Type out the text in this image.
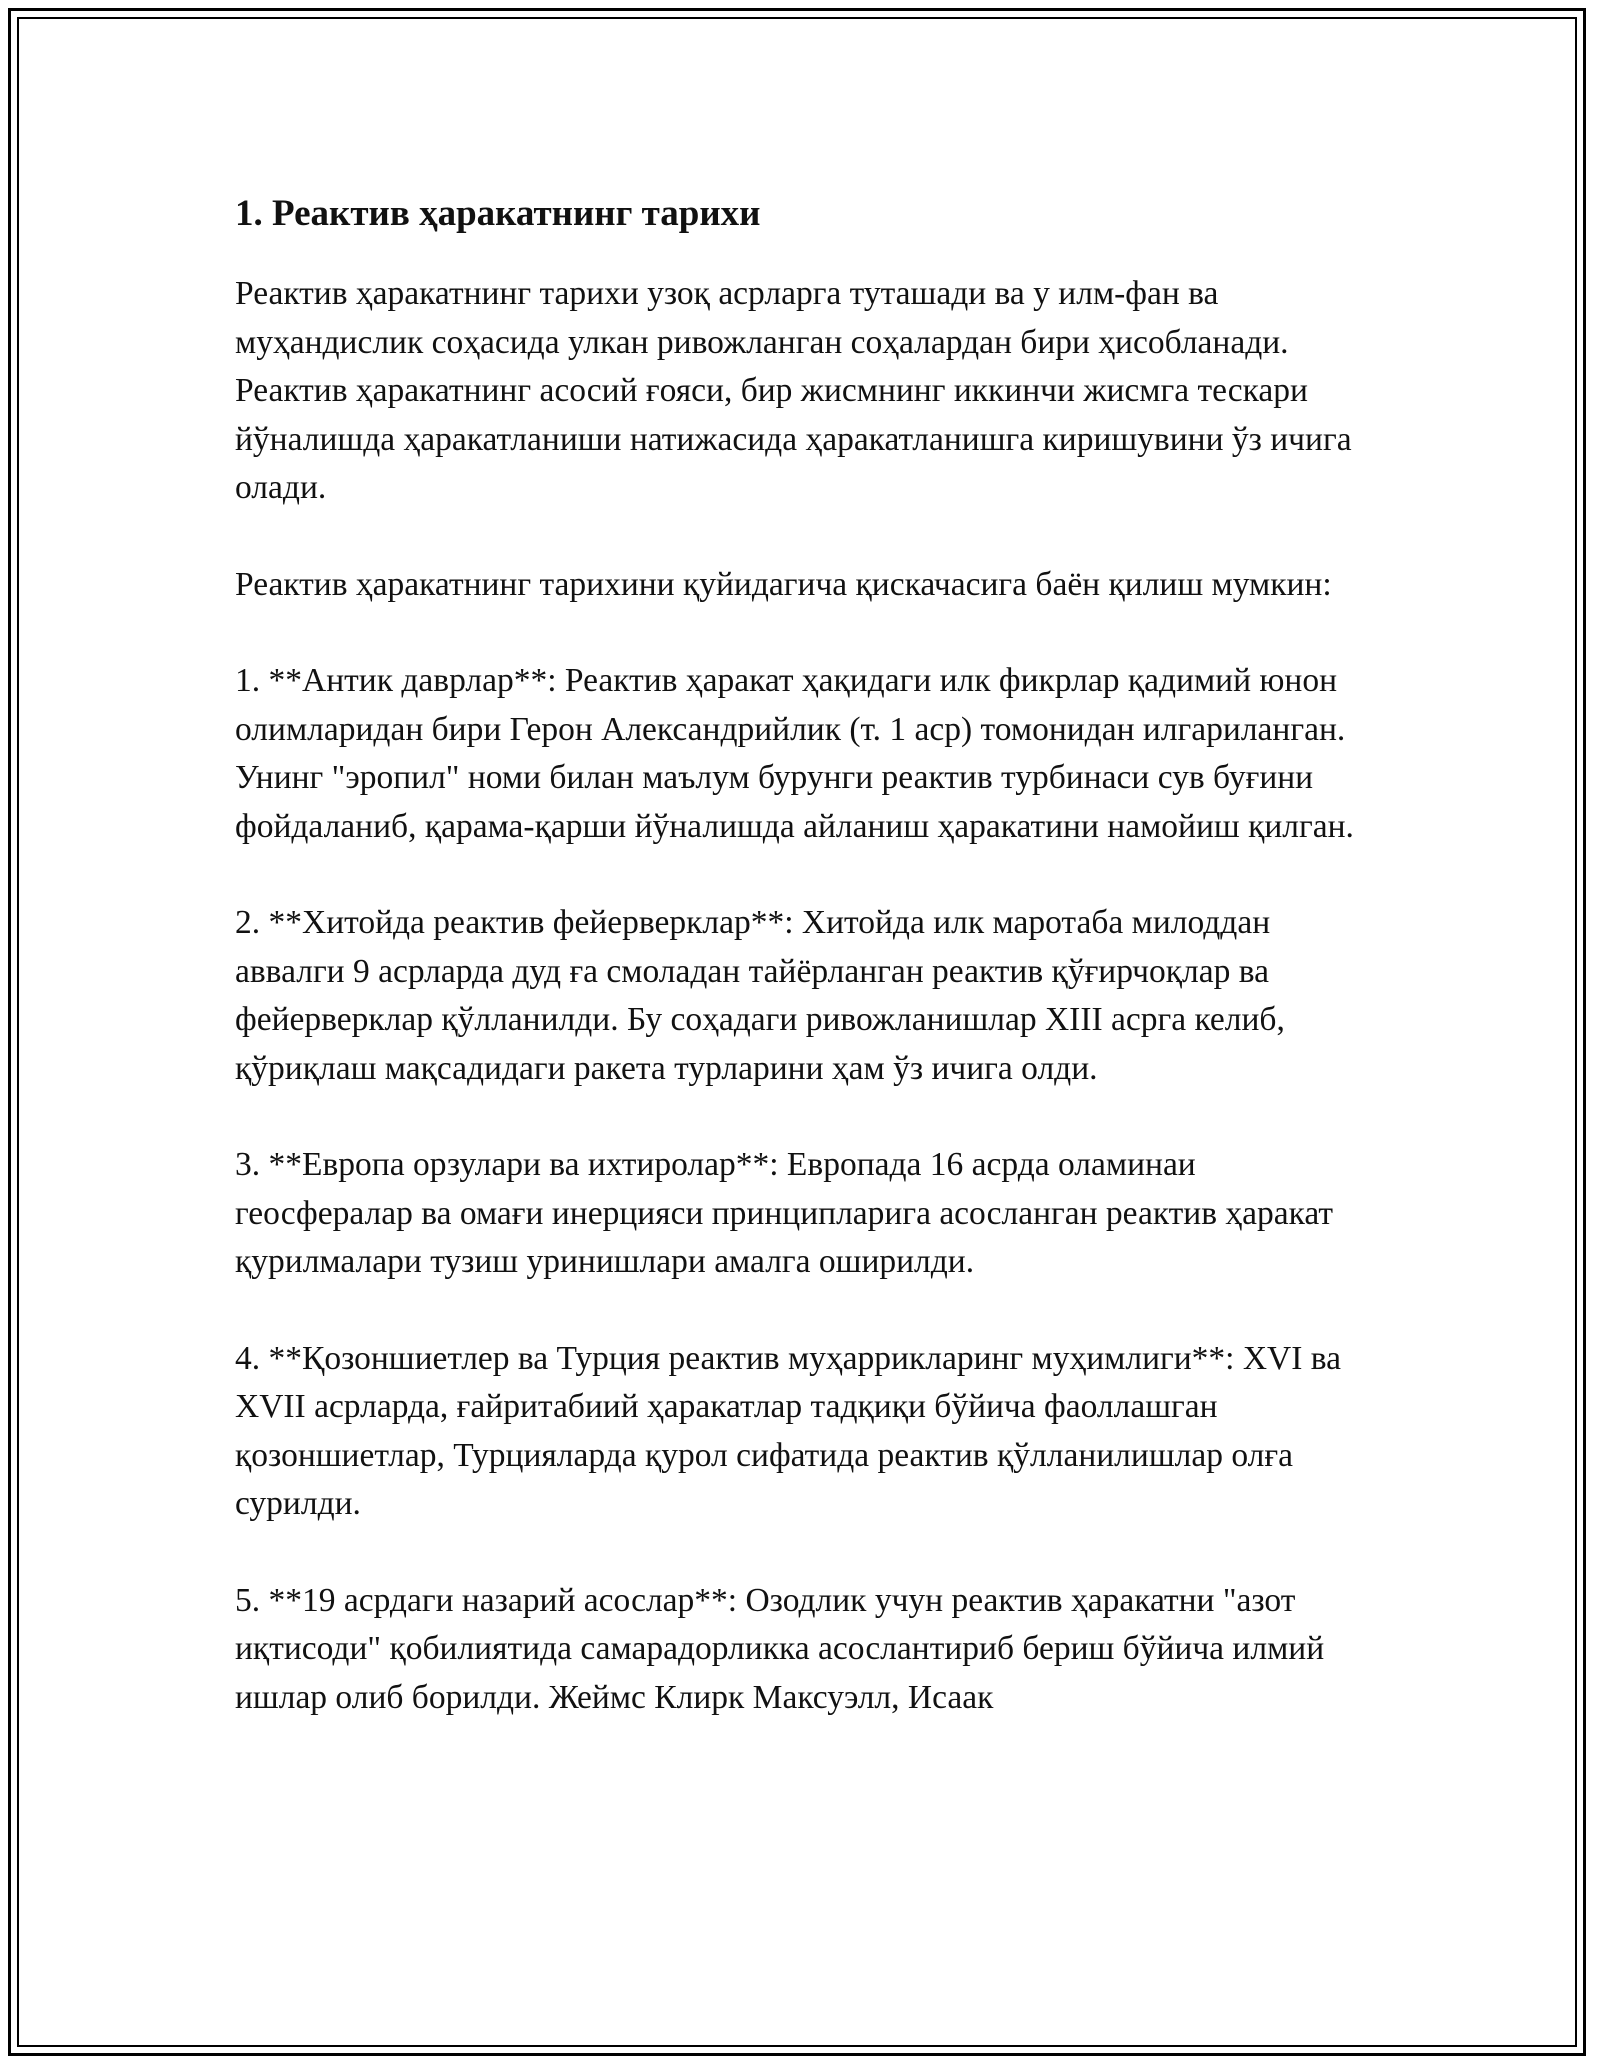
1. Реактив ҳаракатнинг тарихи

Реактив ҳаракатнинг тарихи узоқ асрларга туташади ва у илм-фан ва муҳандислик соҳасида улкан ривожланган соҳалардан бири ҳисобланади. Реактив ҳаракатнинг асосий ғояси, бир жисмнинг иккинчи жисмга тескари йўналишда ҳаракатланиши натижасида ҳаракатланишга киришувини ўз ичига олади.

Реактив ҳаракатнинг тарихини қуйидагича қискачасига баён қилиш мумкин:

1. **Антик даврлар**: Реактив ҳаракат ҳақидаги илк фикрлар қадимий юнон олимларидан бири Герон Александрийлик (т. 1 аср) томонидан илгариланган. Унинг "эропил" номи билан маълум бурунги реактив турбинаси сув буғини фойдаланиб, қарама-қарши йўналишда айланиш ҳаракатини намойиш қилган.

2. **Хитойда реактив фейерверклар**: Хитойда илк маротаба милоддан аввалги 9 асрларда дуд ға смоладан тайёрланган реактив қўғирчоқлар ва фейерверклар қўлланилди. Бу соҳадаги ривожланишлар XIII асрга келиб, қўриқлаш мақсадидаги ракета турларини ҳам ўз ичига олди.

3. **Европа орзулари ва ихтиролар**: Европада 16 асрда оламинаи геосфералар ва омағи инерцияси принципларига асосланган реактив ҳаракат қурилмалари тузиш уринишлари амалга оширилди.

4. **Қозоншиетлер ва Турция реактив муҳаррикларинг муҳимлиги**: XVI ва XVII асрларда, ғайритабиий ҳаракатлар тадқиқи бўйича фаоллашган қозоншиетлар, Турцияларда қурол сифатида реактив қўлланилишлар олға сурилди.

5. **19 асрдаги назарий асослар**: Озодлик учун реактив ҳаракатни "азот иқтисоди" қобилиятида самарадорликка асослантириб бериш бўйича илмий ишлар олиб борилди. Жеймс Клирк Максуэлл, Исаак
